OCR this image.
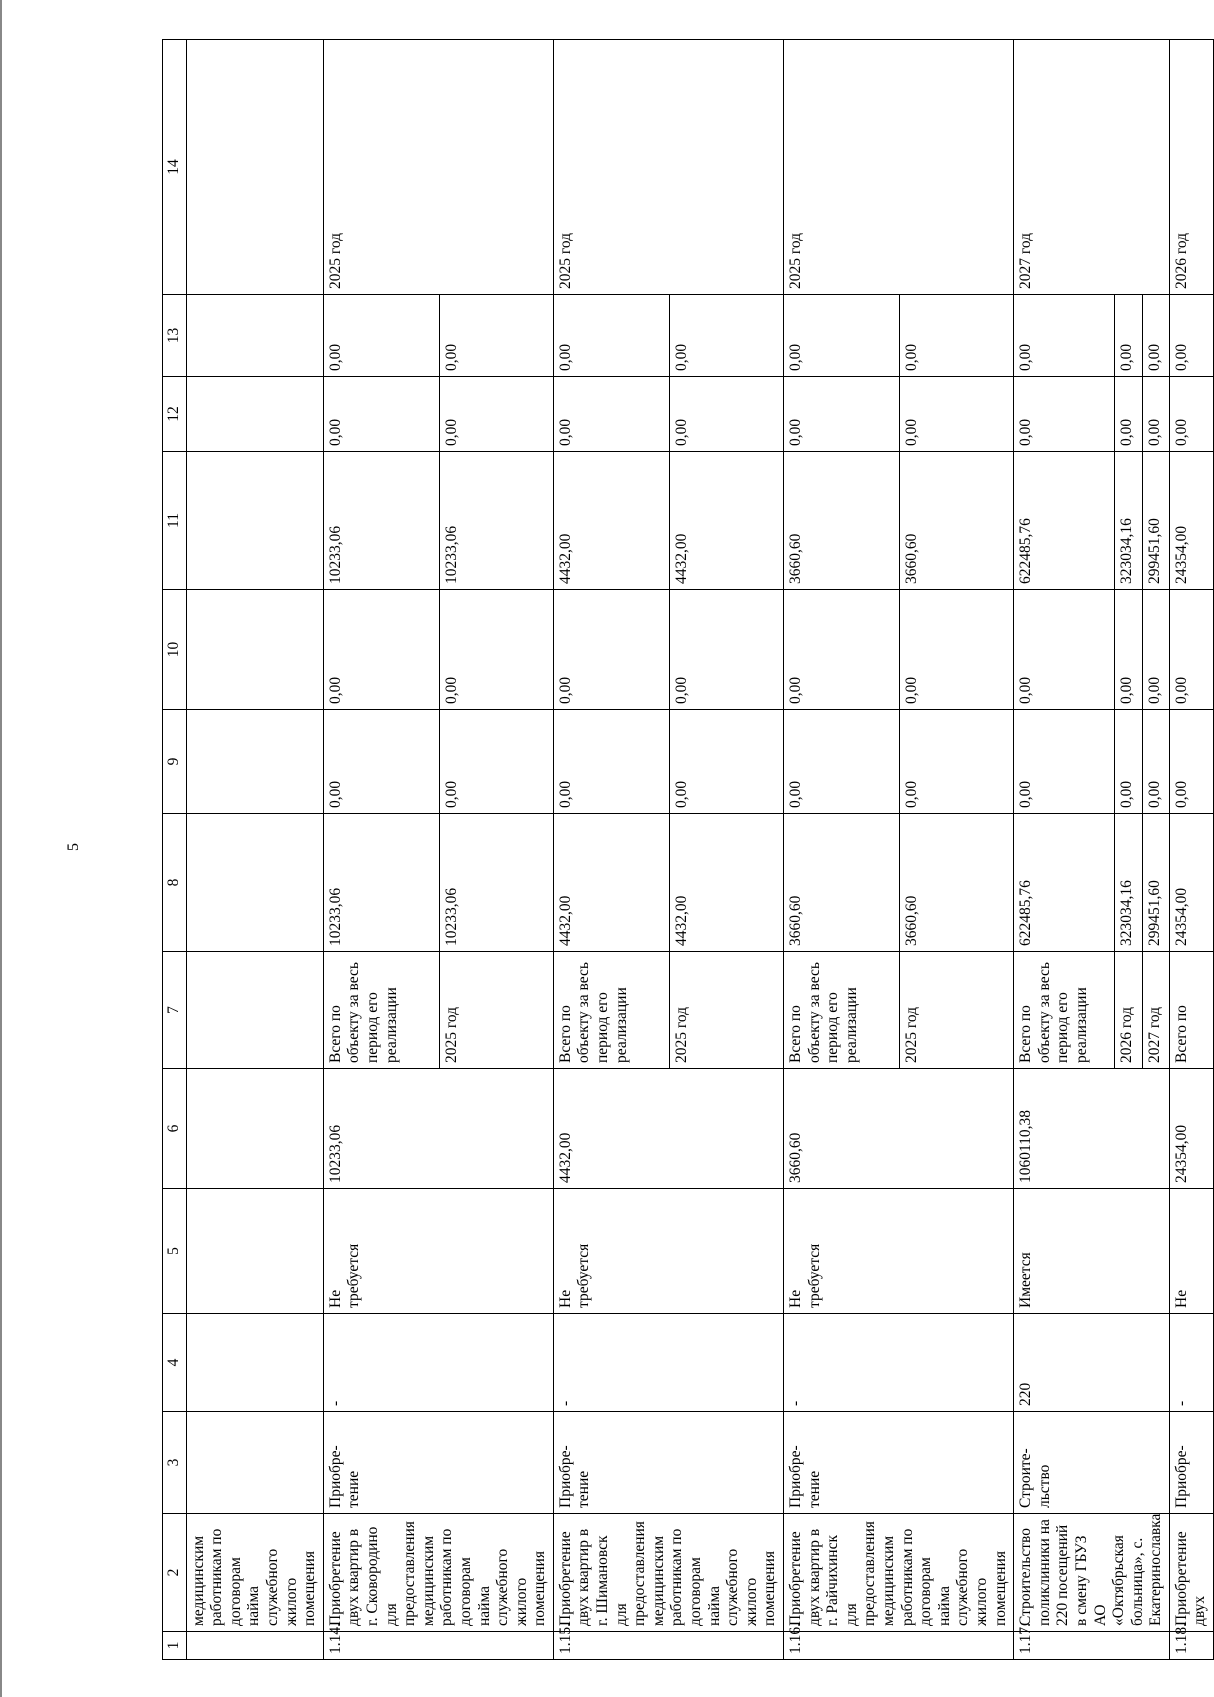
5
1	2	3	4	5	6	7	8	9	10	11	12	13	14
	медицинским работникам по договорам найма служебного жилого помещения												
1.14.	Приобретение двух квартир в г. Сковородино для предоставления медицинским работникам по договорам найма служебного жилого помещения	Приобре-
тение	-	Не
требуется	10233,06	Всего по объекту за весь период его реализации	10233,06	0,00	0,00	10233,06	0,00	0,00	2025 год
						2025 год	10233,06	0,00	0,00	10233,06	0,00	0,00	
1.15.	Приобретение двух квартир в г. Шимановск для предоставления медицинским работникам по договорам найма служебного жилого помещения	Приобре-
тение	-	Не
требуется	4432,00	Всего по объекту за весь период его реализации	4432,00	0,00	0,00	4432,00	0,00	0,00	2025 год
						2025 год	4432,00	0,00	0,00	4432,00	0,00	0,00	
1.16.	Приобретение двух квартир в г. Райчихинск для предоставления медицинским работникам по договорам найма служебного жилого помещения	Приобре-
тение	-	Не
требуется	3660,60	Всего по объекту за весь период его реализации	3660,60	0,00	0,00	3660,60	0,00	0,00	2025 год
						2025 год	3660,60	0,00	0,00	3660,60	0,00	0,00	
1.17.	Строительство поликлиники на 220 посещений в смену ГБУЗ АО «Октябрьская больница», с. Екатеринославка	Строите-
льство	220	Имеется	1060110,38	Всего по объекту за весь период его реализации	622485,76	0,00	0,00	622485,76	0,00	0,00	2027 год
						2026 год	323034,16	0,00	0,00	323034,16	0,00	0,00	
						2027 год	299451,60	0,00	0,00	299451,60	0,00	0,00	
1.18.	Приобретение двух	Приобре-	-	Не	24354,00	Всего по	24354,00	0,00	0,00	24354,00	0,00	0,00	2026 год
